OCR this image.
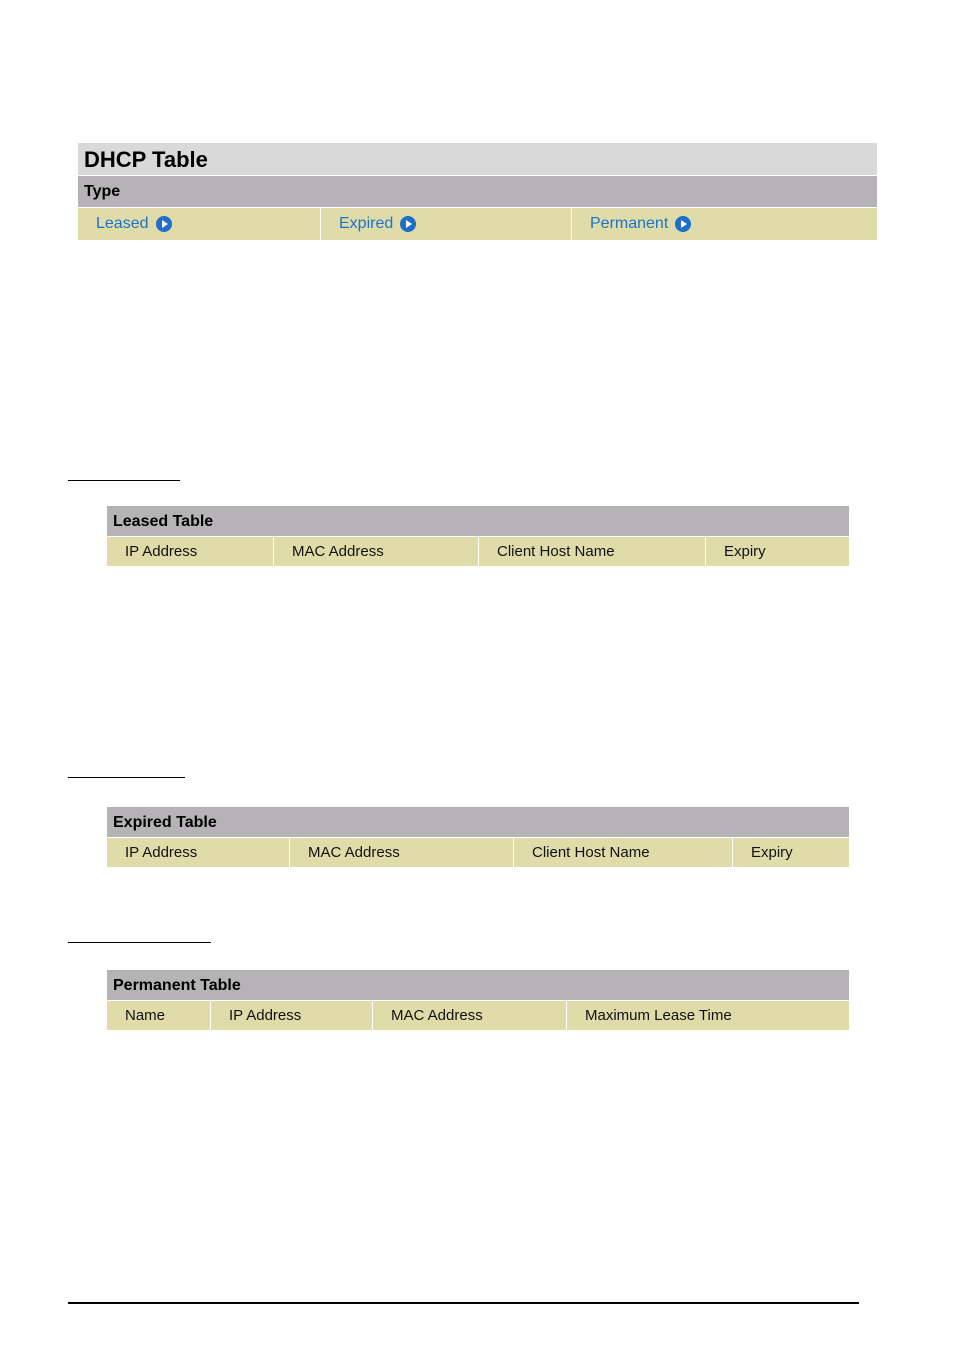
DHCP Table
Type
Leased	Expired	Permanent
Leased Table
IP Address	MAC Address	Client Host Name	Expiry
Expired Table
IP Address	MAC Address	Client Host Name	Expiry
Permanent Table
Name	IP Address	MAC Address	Maximum Lease Time
